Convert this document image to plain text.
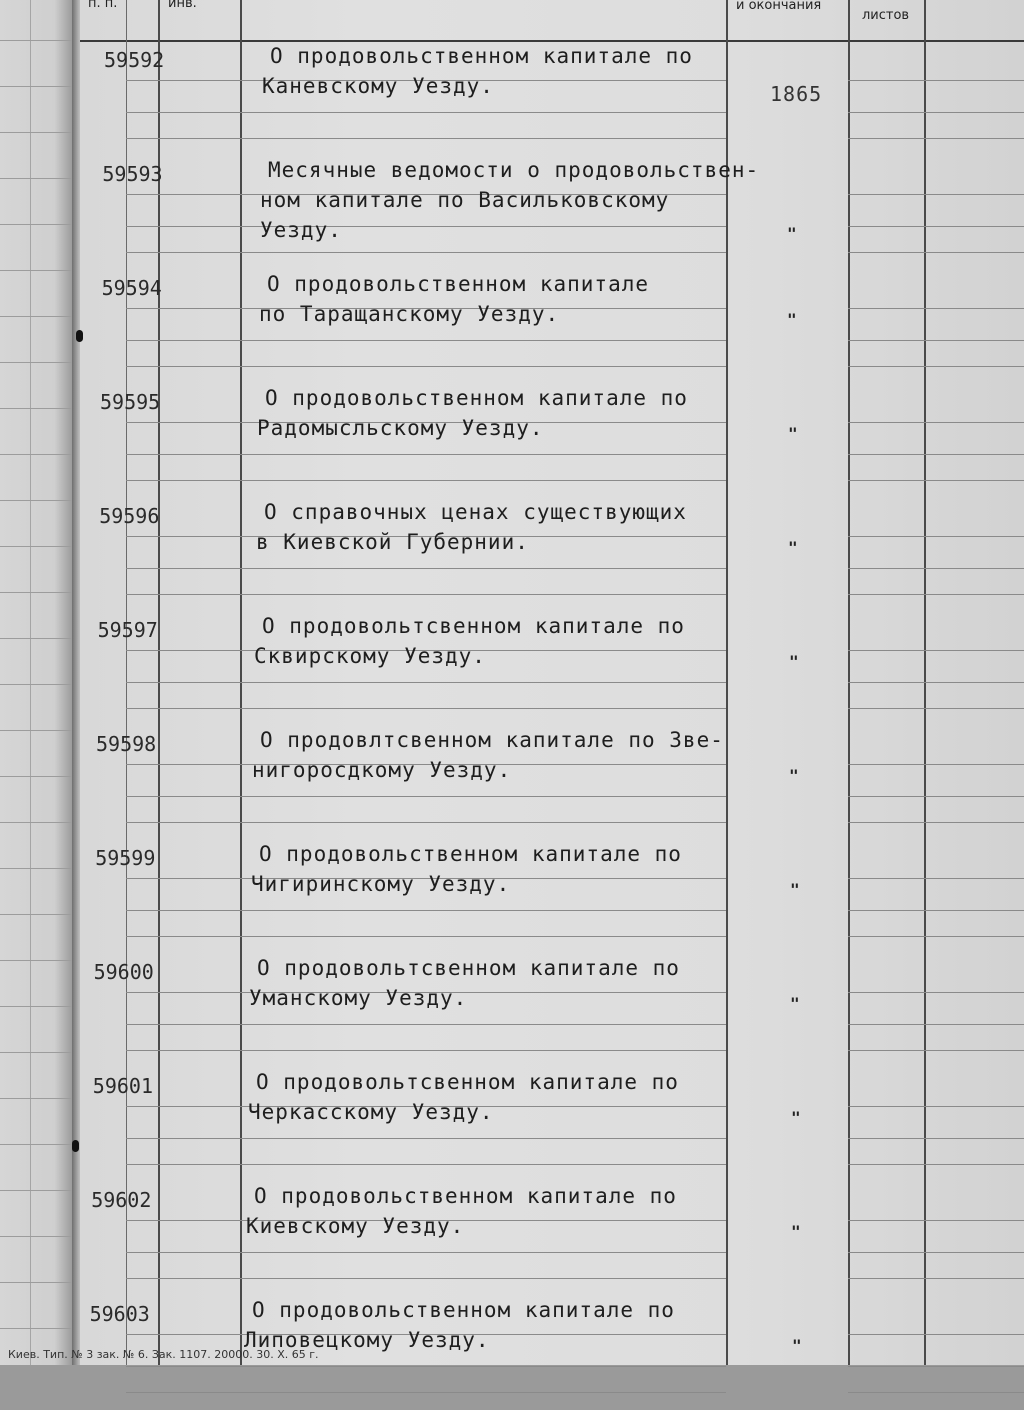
п. п.	инв.	и окончания
листов
59592	О продовольственном капитале по
Каневскому Уезду.	1865
59593	Месячные ведомости о продовольствен-
ном капитале по Васильковскому
Уезду.	"
59594	О продовольственном капитале
по Таращанскому Уезду.	"
59595	О продовольственном капитале по
Радомысльскому Уезду.	"
59596	О справочных ценах существующих
в Киевской Губернии.	"
59597	О продовольтсвенном капитале по
Сквирскому Уезду.	"
59598	О продовлтсвенном капитале по Зве-
нигоросдкому Уезду.	"
59599	О продовольственном капитале по
Чигиринскому Уезду.	"
59600	О продовольтсвенном капитале по
Уманскому Уезду.	"
59601	О продовольтсвенном капитале по
Черкасскому Уезду.	"
59602	О продовольственном капитале по
Киевскому Уезду.	"
59603	О продовольственном капитале по
Липовецкому Уезду.	"
Киев. Тип. № 3 зак. № 6. Зак. 1107. 20000. 30. X. 65 г.
